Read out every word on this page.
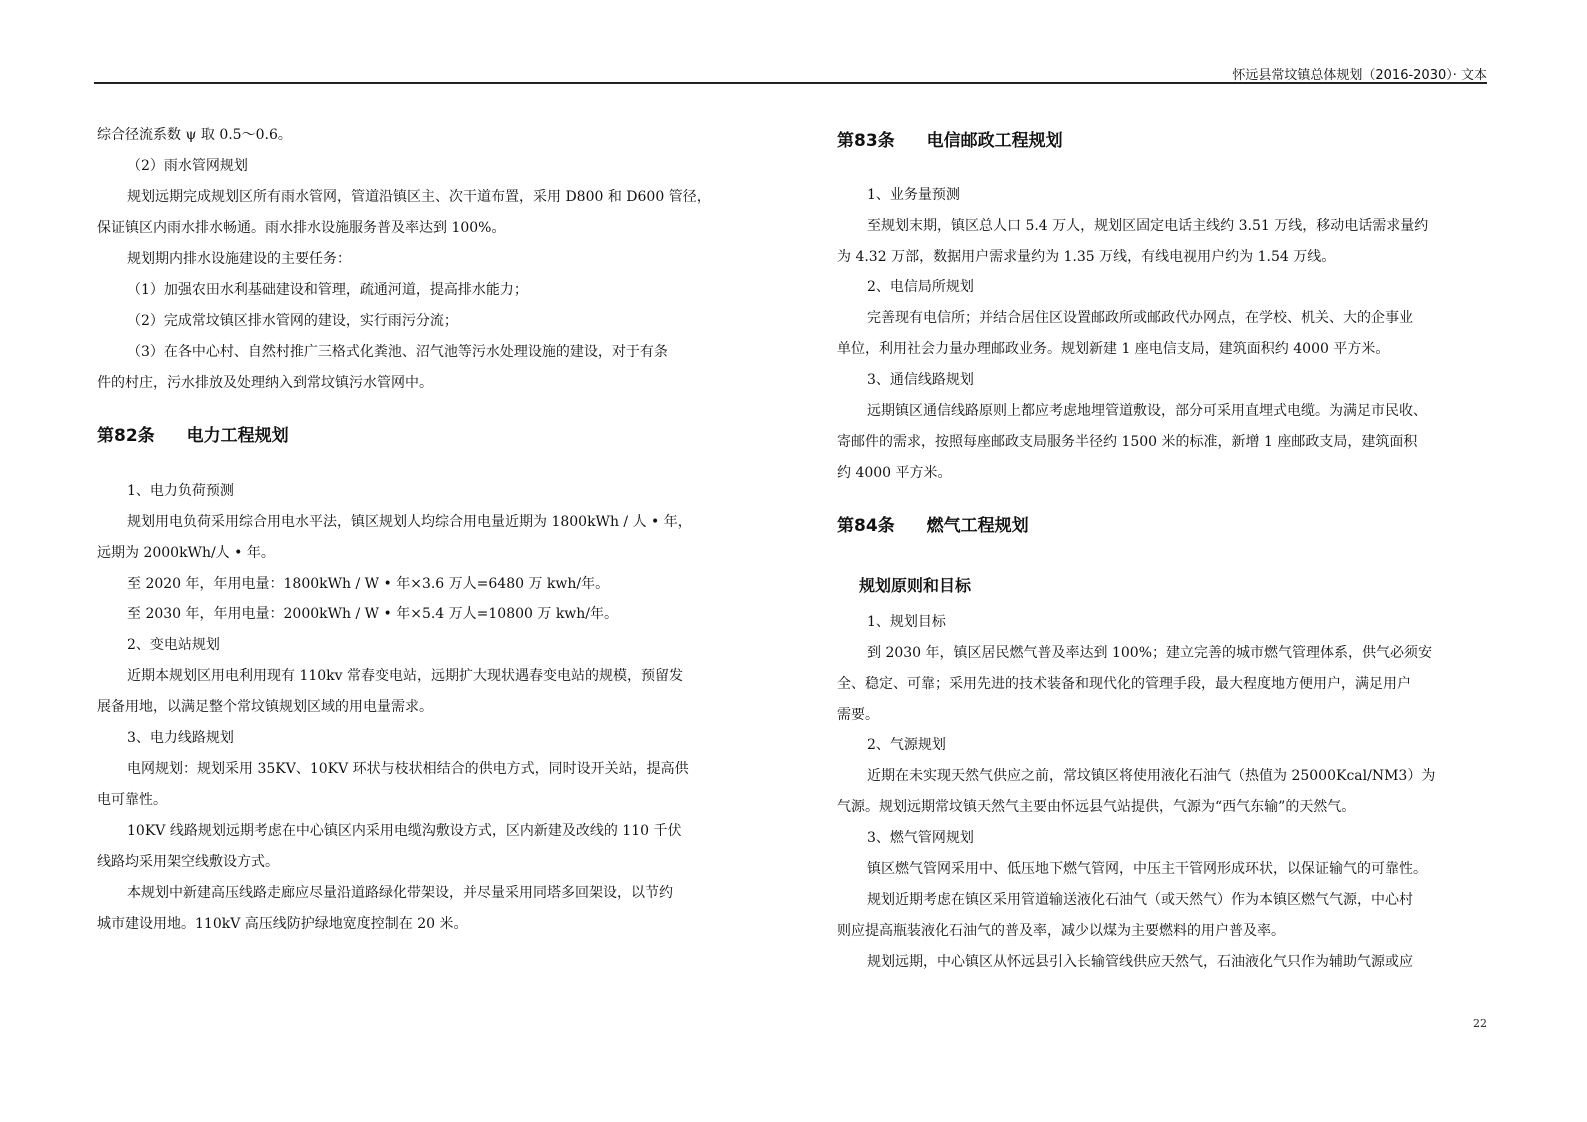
怀远县常坟镇总体规划（2016-2030）· 文本
综合径流系数 ψ 取 0.5～0.6。
（2）雨水管网规划
规划远期完成规划区所有雨水管网，管道沿镇区主、次干道布置，采用 D800 和 D600 管径，
保证镇区内雨水排水畅通。雨水排水设施服务普及率达到 100%。
规划期内排水设施建设的主要任务：
（1）加强农田水利基础建设和管理，疏通河道，提高排水能力；
（2）完成常坟镇区排水管网的建设，实行雨污分流；
（3）在各中心村、自然村推广三格式化粪池、沼气池等污水处理设施的建设，对于有条
件的村庄，污水排放及处理纳入到常坟镇污水管网中。
第82条 电力工程规划
1、电力负荷预测
规划用电负荷采用综合用电水平法，镇区规划人均综合用电量近期为 1800kWh / 人 • 年，
远期为 2000kWh/人 • 年。
至 2020 年，年用电量：1800kWh / W • 年×3.6 万人=6480 万 kwh/年。
至 2030 年，年用电量：2000kWh / W • 年×5.4 万人=10800 万 kwh/年。
2、变电站规划
近期本规划区用电利用现有 110kv 常春变电站，远期扩大现状遇春变电站的规模，预留发
展备用地，以满足整个常坟镇规划区域的用电量需求。
3、电力线路规划
电网规划：规划采用 35KV、10KV 环状与枝状相结合的供电方式，同时设开关站，提高供
电可靠性。
10KV 线路规划远期考虑在中心镇区内采用电缆沟敷设方式，区内新建及改线的 110 千伏
线路均采用架空线敷设方式。
本规划中新建高压线路走廊应尽量沿道路绿化带架设，并尽量采用同塔多回架设，以节约
城市建设用地。110kV 高压线防护绿地宽度控制在 20 米。
第83条 电信邮政工程规划
1、业务量预测
至规划末期，镇区总人口 5.4 万人，规划区固定电话主线约 3.51 万线，移动电话需求量约
为 4.32 万部，数据用户需求量约为 1.35 万线，有线电视用户约为 1.54 万线。
2、电信局所规划
完善现有电信所；并结合居住区设置邮政所或邮政代办网点，在学校、机关、大的企事业
单位，利用社会力量办理邮政业务。规划新建 1 座电信支局，建筑面积约 4000 平方米。
3、通信线路规划
远期镇区通信线路原则上都应考虑地埋管道敷设，部分可采用直埋式电缆。为满足市民收、
寄邮件的需求，按照每座邮政支局服务半径约 1500 米的标准，新增 1 座邮政支局，建筑面积
约 4000 平方米。
第84条 燃气工程规划
规划原则和目标
1、规划目标
到 2030 年，镇区居民燃气普及率达到 100%；建立完善的城市燃气管理体系，供气必须安
全、稳定、可靠；采用先进的技术装备和现代化的管理手段，最大程度地方便用户，满足用户
需要。
2、气源规划
近期在未实现天然气供应之前，常坟镇区将使用液化石油气（热值为 25000Kcal/NM3）为
气源。规划远期常坟镇天然气主要由怀远县气站提供，气源为“西气东输”的天然气。
3、燃气管网规划
镇区燃气管网采用中、低压地下燃气管网，中压主干管网形成环状，以保证输气的可靠性。
规划近期考虑在镇区采用管道输送液化石油气（或天然气）作为本镇区燃气气源，中心村
则应提高瓶装液化石油气的普及率，减少以煤为主要燃料的用户普及率。
规划远期，中心镇区从怀远县引入长输管线供应天然气，石油液化气只作为辅助气源或应
22
